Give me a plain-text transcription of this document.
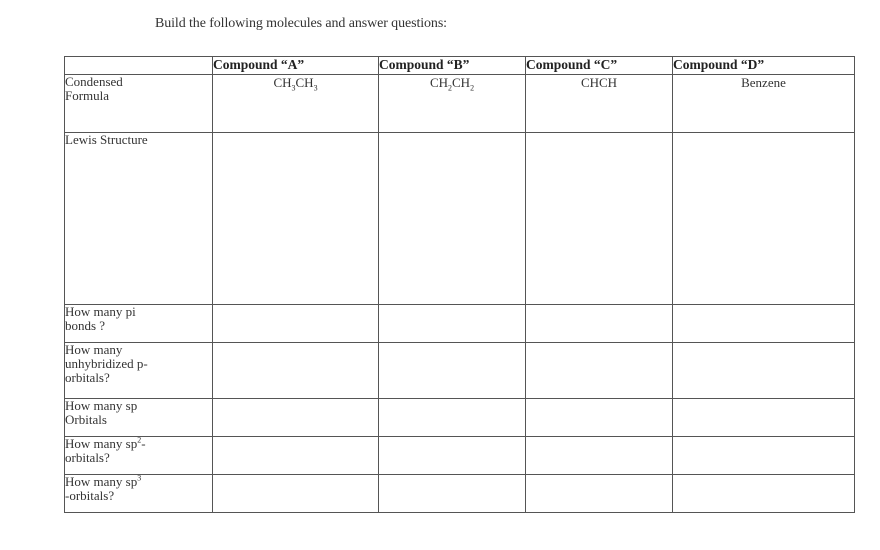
Build the following molecules and answer questions:
	Compound “A”	Compound “B”	Compound “C”	Compound “D”

Condensed
Formula	$CH_3CH_3$	$CH_2CH_2$	CHCH	Benzene
Lewis Structure				

How many pi
bonds ?				

How many
unhybridized p-
orbitals?				

How many sp
Orbitals				

How many $sp^2-$
orbitals?				

How many $sp^3$
-orbitals?				
